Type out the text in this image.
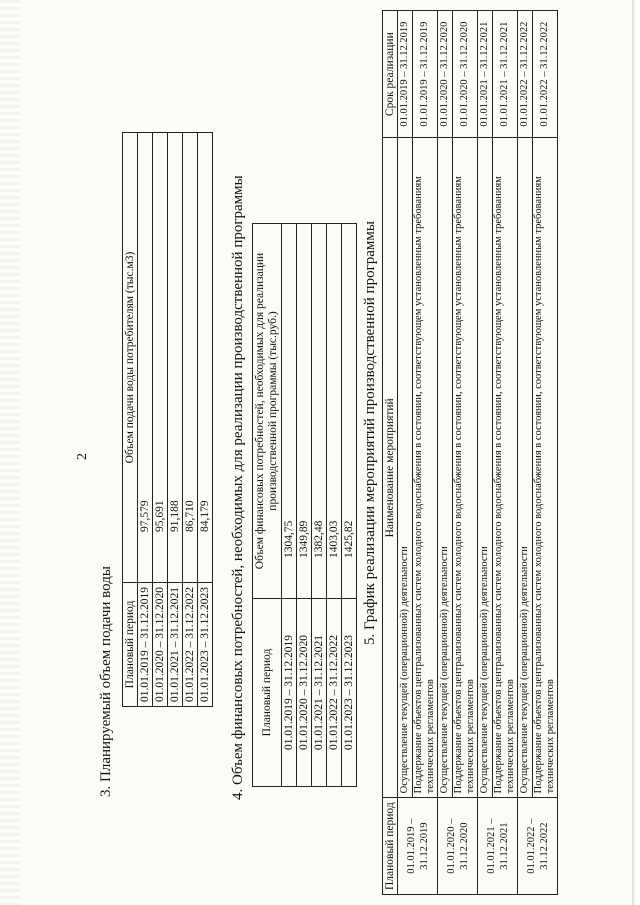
2
3. Планируемый объем подачи воды Плановый период	Объем подачи воды потребителям (тыс.м3)
01.01.2019 – 31.12.2019	97,579
01.01.2020 – 31.12.2020	95,691
01.01.2021 – 31.12.2021	91,188
01.01.2022 – 31.12.2022	86,710
01.01.2023 – 31.12.2023	84,179 4. Объем финансовых потребностей, необходимых для реализации производственной программы Плановый период	Объем финансовых потребностей, необходимых для реализации производственной программы (тыс.руб.)
01.01.2019 – 31.12.2019	1304,75
01.01.2020 – 31.12.2020	1349,89
01.01.2021 – 31.12.2021	1382,48
01.01.2022 – 31.12.2022	1403,03
01.01.2023 – 31.12.2023	1425,82 5. График реализации мероприятий производственной программы
Плановый период	Наименование мероприятий	Срок реализации
01.01.2019 – 31.12.2019	Осуществление текущей (операционной) деятельности	01.01.2019 – 31.12.2019
	Поддержание объектов централизованных систем холодного водоснабжения в состоянии, соответствующем установленным требованиям технических регламентов	01.01.2019 – 31.12.2019
01.01.2020 – 31.12.2020	Осуществление текущей (операционной) деятельности	01.01.2020 – 31.12.2020
	Поддержание объектов централизованных систем холодного водоснабжения в состоянии, соответствующем установленным требованиям технических регламентов	01.01.2020 – 31.12.2020
01.01.2021 – 31.12.2021	Осуществление текущей (операционной) деятельности	01.01.2021 – 31.12.2021
	Поддержание объектов централизованных систем холодного водоснабжения в состоянии, соответствующем установленным требованиям технических регламентов	01.01.2021 – 31.12.2021
01.01.2022 – 31.12.2022	Осуществление текущей (операционной) деятельности	01.01.2022 – 31.12.2022
	Поддержание объектов централизованных систем холодного водоснабжения в состоянии, соответствующем установленным требованиям технических регламентов	01.01.2022 – 31.12.2022
